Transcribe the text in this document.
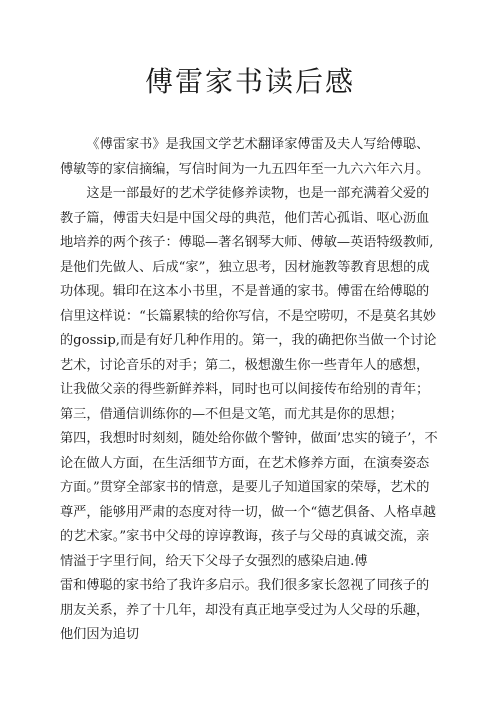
傅雷家书读后感

《傅雷家书》是我国文学艺术翻译家傅雷及夫人写给傅聪、傅敏等的家信摘编，写信时间为一九五四年至一九六六年六月。

这是一部最好的艺术学徒修养读物，也是一部充满着父爱的教子篇，傅雷夫妇是中国父母的典范，他们苦心孤诣、呕心沥血地培养的两个孩子：傅聪—著名钢琴大师、傅敏—英语特级教师,是他们先做人、后成“家”，独立思考，因材施教等教育思想的成功体现。辑印在这本小书里，不是普通的家书。傅雷在给傅聪的信里这样说：“长篇累犊的给你写信，不是空唠叨，不是莫名其妙的gossip,而是有好几种作用的。第一，我的确把你当做一个讨论艺术，讨论音乐的对手；第二，极想激生你一些青年人的感想，让我做父亲的得些新鲜养料，同时也可以间接传布给别的青年；第三，借通信训练你的—不但是文笔，而尤其是你的思想；

第四，我想时时刻刻，随处给你做个警钟，做面’忠实的镜子’，不论在做人方面，在生活细节方面，在艺术修养方面，在演奏姿态方面。”贯穿全部家书的情意，是要儿子知道国家的荣辱，艺术的尊严，能够用严肃的态度对待一切，做一个“德艺俱备、人格卓越的艺术家。”家书中父母的谆谆教诲，孩子与父母的真诚交流，亲情溢于字里行间，给天下父母子女强烈的感染启迪.傅

雷和傅聪的家书给了我许多启示。我们很多家长忽视了同孩子的朋友关系，养了十几年，却没有真正地享受过为人父母的乐趣，他们因为追切
